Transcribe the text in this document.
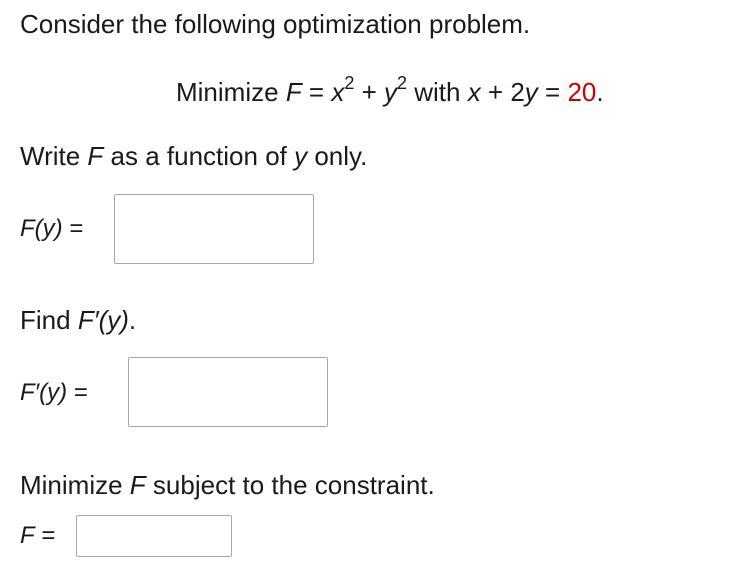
Consider the following optimization problem.
Minimize $F = x^2 + y^2$ with x + 2y = 20.
Write F as a function of y only.
F(y) =
Find F′(y).
F′(y) =
Minimize F subject to the constraint.
F =
